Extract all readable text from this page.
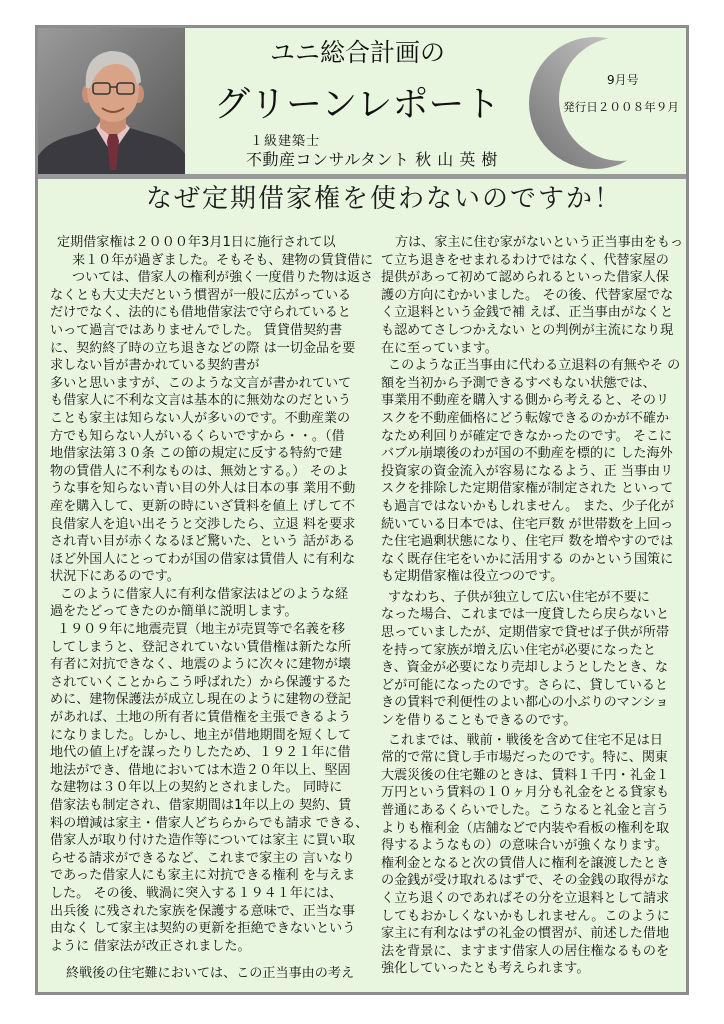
ユニ総合計画の
グリーンレポート
１級建築士
不動産コンサルタント 秋 山 英 樹
9月号
発行日２００８年９月
なぜ定期借家権を使わないのですか！
定期借家権は２０００年3月1日に施行されて以
来１０年が過ぎました。そもそも、建物の賃貸借に
ついては、借家人の権利が強く一度借りた物は返さ
なくとも大丈夫だという慣習が一般に広がっている
だけでなく、法的にも借地借家法で守られていると
いって過言ではありませんでした。 賃貸借契約書
に、契約終了時の立ち退きなどの際 は一切金品を要
求しない旨が書かれている契約書が
多いと思いますが、このような文言が書かれていて
も借家人に不利な文言は基本的に無効なのだという
ことも家主は知らない人が多いのです。不動産業の
方でも知らない人がいるくらいですから・・。（借
地借家法第３０条 この節の規定に反する特約で建
物の賃借人に不利なものは、無効とする。） そのよ
うな事を知らない青い目の外人は日本の事 業用不動
産を購入して、更新の時にいざ賃料を値上 げして不
良借家人を追い出そうと交渉したら、立退 料を要求
され青い目が赤くなるほど驚いた、という 話がある
ほど外国人にとってわが国の借家は賃借人 に有利な
状況下にあるのです。
このように借家人に有利な借家法はどのような経
過をたどってきたのか簡単に説明します。
１９０９年に地震売買（地主が売買等で名義を移
してしまうと、登記されていない賃借権は新たな所
有者に対抗できなく、地震のように次々に建物が壊
されていくことからこう呼ばれた）から保護するた
めに、建物保護法が成立し現在のように建物の登記
があれば、土地の所有者に賃借権を主張できるよう
になりました。しかし、地主が借地期間を短くして
地代の値上げを謀ったりしたため、１９２１年に借
地法ができ、借地においては木造２０年以上、堅固
な建物は３０年以上の契約とされました。 同時に
借家法も制定され、借家期間は1年以上の 契約、賃
料の増減は家主・借家人どちらからでも請求 できる、
借家人が取り付けた造作等については家主 に買い取
らせる請求ができるなど、これまで家主の 言いなり
であった借家人にも家主に対抗できる権利 を与えま
した。 その後、戦渦に突入する１９４１年には、
出兵後 に残された家族を保護する意味で、正当な事
由なく して家主は契約の更新を拒絶できないという
ように 借家法が改正されました。
終戦後の住宅難においては、この正当事由の考え
方は、家主に住む家がないという正当事由をもっ
て立ち退きをせまれるわけではなく、代替家屋の
提供があって初めて認められるといった借家人保
護の方向にむかいました。 その後、代替家屋でな
く立退料という金銭で補 えば、正当事由がなくと
も認めてさしつかえない との判例が主流になり現
在に至っています。
このような正当事由に代わる立退料の有無やそ の
額を当初から予測できるすべもない状態では、
事業用不動産を購入する側から考えると、そのリ
スクを不動産価格にどう転嫁できるのかが不確か
なため利回りが確定できなかったのです。 そこに
バブル崩壊後のわが国の不動産を標的に した海外
投資家の資金流入が容易になるよう、正 当事由リ
スクを排除した定期借家権が制定された といって
も過言ではないかもしれません。 また、少子化が
続いている日本では、住宅戸数 が世帯数を上回っ
た住宅過剰状態になり、住宅戸 数を増やすのでは
なく既存住宅をいかに活用する のかという国策に
も定期借家権は役立つのです。
すなわち、子供が独立して広い住宅が不要に
なった場合、これまでは一度貸したら戻らないと
思っていましたが、定期借家で貸せば子供が所帯
を持って家族が増え広い住宅が必要になったと
き、資金が必要になり売却しようとしたとき、な
どが可能になったのです。さらに、貸していると
きの賃料で利便性のよい都心の小ぶりのマンショ
ンを借りることもできるのです。
これまでは、戦前・戦後を含めて住宅不足は日
常的で常に貸し手市場だったのです。特に、関東
大震災後の住宅難のときは、賃料１千円・礼金１
万円という賃料の１０ヶ月分も礼金をとる貸家も
普通にあるくらいでした。こうなると礼金と言う
よりも権利金（店舗などで内装や看板の権利を取
得するようなもの）の意味合いが強くなります。
権利金となると次の賃借人に権利を譲渡したとき
の金銭が受け取れるはずで、その金銭の取得がな
く立ち退くのであればその分を立退料として請求
してもおかしくないかもしれません。このように
家主に有利なはずの礼金の慣習が、前述した借地
法を背景に、ますます借家人の居住権なるものを
強化していったとも考えられます。
